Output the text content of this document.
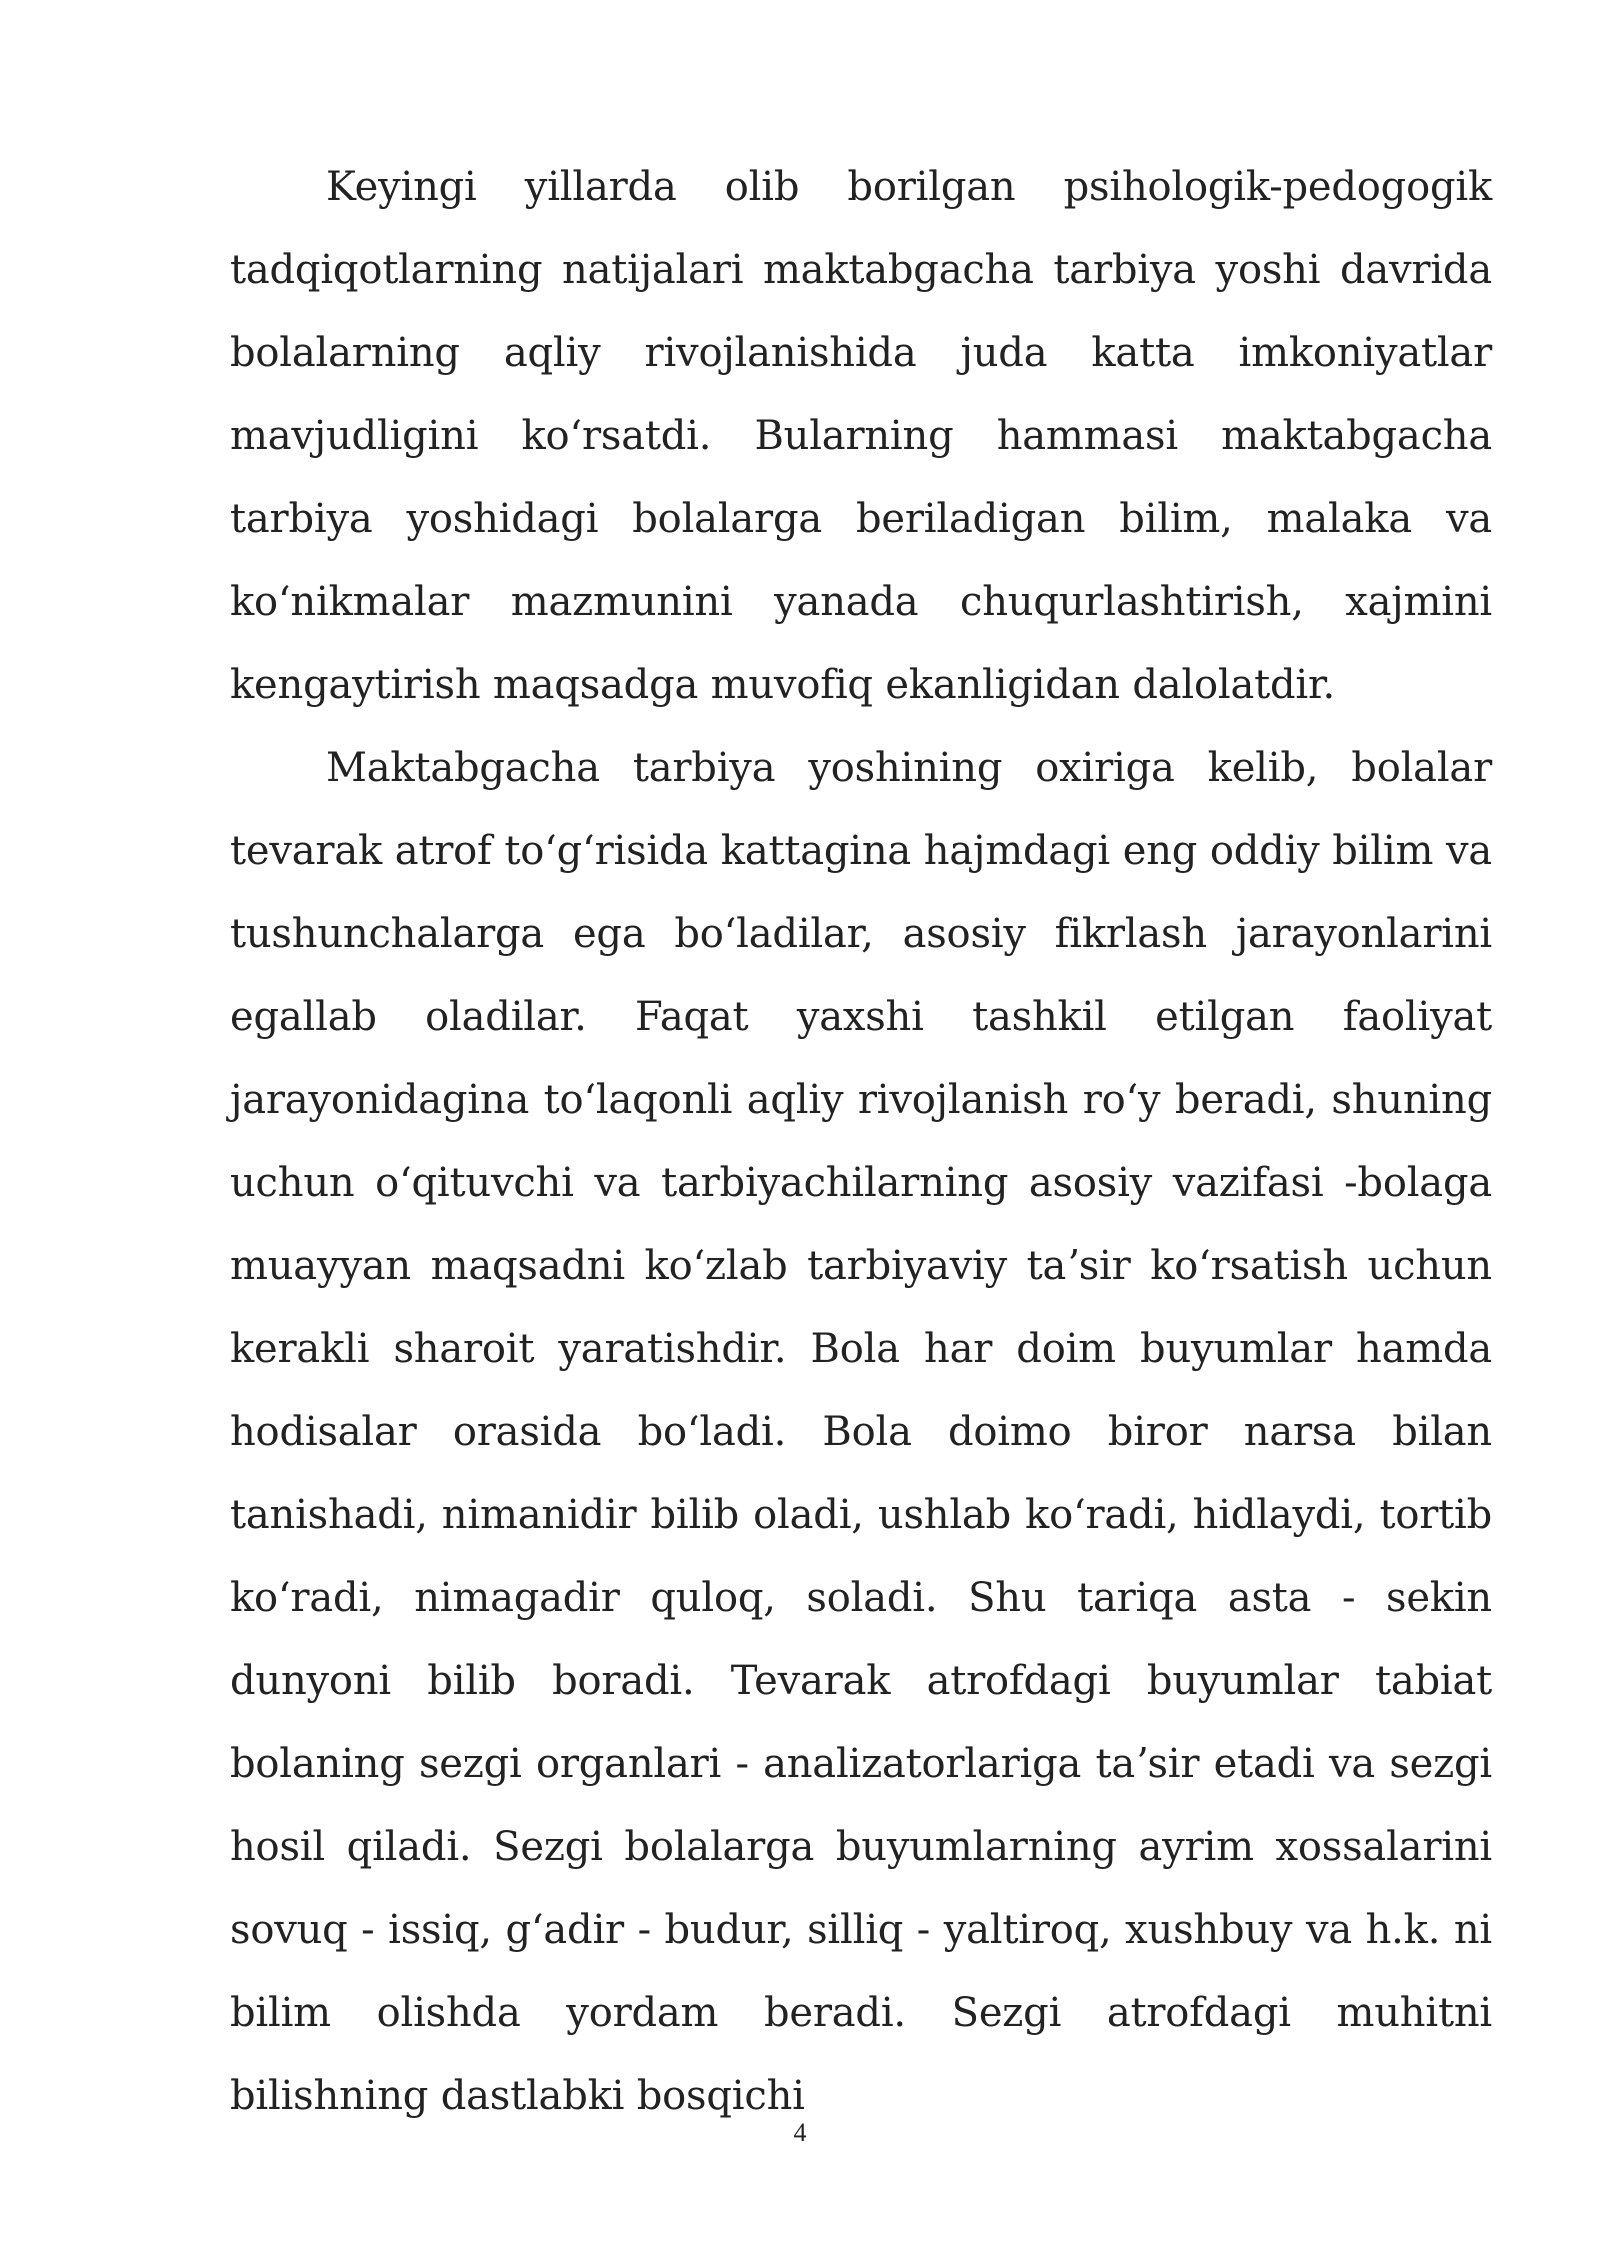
Keyingi yillarda olib borilgan psihologik-pedogogik tadqiqotlarning natijalari maktabgacha tarbiya yoshi davrida bolalarning aqliy rivojlanishida juda katta imkoniyatlar mavjudligini koʻrsatdi. Bularning hammasi maktabgacha tarbiya yoshidagi bolalarga beriladigan bilim, malaka va koʻnikmalar mazmunini yanada chuqurlashtirish, xajmini kengaytirish maqsadga muvofiq ekanligidan dalolatdir.

Maktabgacha tarbiya yoshining oxiriga kelib, bolalar tevarak atrof toʻgʻrisida kattagina hajmdagi eng oddiy bilim va tushunchalarga ega boʻladilar, asosiy fikrlash jarayonlarini egallab oladilar. Faqat yaxshi tashkil etilgan faoliyat jarayonidagina toʻlaqonli aqliy rivojlanish roʻy beradi, shuning uchun oʻqituvchi va tarbiyachilarning asosiy vazifasi -bolaga muayyan maqsadni koʻzlab tarbiyaviy taʼsir koʻrsatish uchun kerakli sharoit yaratishdir. Bola har doim buyumlar hamda hodisalar orasida boʻladi. Bola doimo biror narsa bilan tanishadi, nimanidir bilib oladi, ushlab koʻradi, hidlaydi, tortib koʻradi, nimagadir quloq, soladi. Shu tariqa asta - sekin dunyoni bilib boradi. Tevarak atrofdagi buyumlar tabiat bolaning sezgi organlari - analizatorlariga taʼsir etadi va sezgi hosil qiladi. Sezgi bolalarga buyumlarning ayrim xossalarini sovuq - issiq, gʻadir - budur, silliq - yaltiroq, xushbuy va h.k. ni bilim olishda yordam beradi. Sezgi atrofdagi muhitni bilishning dastlabki bosqichi

4
